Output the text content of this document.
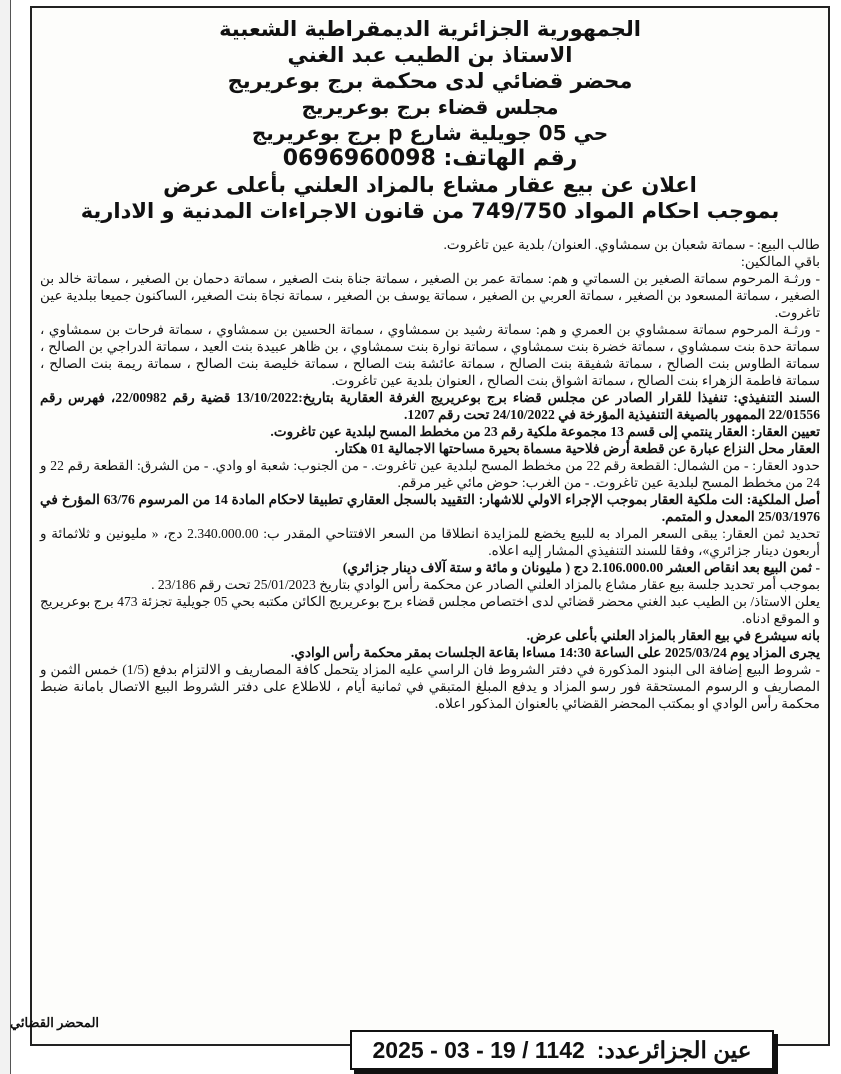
الجمهورية الجزائرية الديمقراطية الشعبية
الاستاذ بن الطيب عبد الغني
محضر قضائي لدى محكمة برج بوعريريج
مجلس قضاء برج بوعريريج
حي 05 جويلية شارع p برج بوعريريج
رقم الهاتف: 0696960098
اعلان عن بيع عقار مشاع بالمزاد العلني بأعلى عرض
بموجب احكام المواد 749/750 من قانون الاجراءات المدنية و الادارية

طالب البيع: - سماتة شعبان بن سمشاوي. العنوان/ بلدية عين تاغروت.

باقي المالكين:

- ورثـة المرحوم سماتة الصغير بن السماتي و هم: سماتة عمر بن الصغير ، سماتة جناة بنت الصغير ، سماتة دحمان بن الصغير ، سماتة خالد بن الصغير ، سماتة المسعود بن الصغير ، سماتة العربي بن الصغير ، سماتة يوسف بن الصغير ، سماتة نجاة بنت الصغير، الساكنون جميعا ببلدية عين تاغروت.

- ورثـة المرحوم سماتة سمشاوي بن العمري و هم: سماتة رشيد بن سمشاوي ، سماتة الحسين بن سمشاوي ، سماتة فرحات بن سمشاوي ، سماتة حدة بنت سمشاوي ، سماتة خضرة بنت سمشاوي ، سماتة نوارة بنت سمشاوي ، بن ظاهر عبيدة بنت العيد ، سماتة الدراجي بن الصالح ، سماتة الطاوس بنت الصالح ، سماتة شفيقة بنت الصالح ، سماتة عائشة بنت الصالح ، سماتة خليصة بنت الصالح ، سماتة ريمة بنت الصالح ، سماتة فاطمة الزهراء بنت الصالح ، سماتة اشواق بنت الصالح ، العنوان بلدية عين تاغروت.

السند التنفيذي: تنفيذا للقرار الصادر عن مجلس قضاء برج بوعريريج الغرفة العقارية بتاريخ:13/10/2022 قضية رقم 22/00982، فهرس رقم 22/01556 الممهور بالصيغة التنفيذية المؤرخة في 24/10/2022 تحت رقم 1207.

تعيين العقار: العقار ينتمي إلى قسم 13 مجموعة ملكية رقم 23 من مخطط المسح لبلدية عين تاغروت.

العقار محل النزاع عبارة عن قطعة أرض فلاحية مسماة بحيرة مساحتها الاجمالية 01 هكتار.

حدود العقار: - من الشمال: القطعة رقم 22 من مخطط المسح لبلدية عين تاغروت. - من الجنوب: شعبة او وادي. - من الشرق: القطعة رقم 22 و 24 من مخطط المسح لبلدية عين تاغروت. - من الغرب: حوض مائي غير مرقم.

أصل الملكية: الت ملكية العقار بموجب الإجراء الاولي للاشهار: التقييد بالسجل العقاري تطبيقا لاحكام المادة 14 من المرسوم 63/76 المؤرخ في 25/03/1976 المعدل و المتمم.

تحديد ثمن العقار: يبقى السعر المراد به للبيع يخضع للمزايدة انطلاقا من السعر الافتتاحي المقدر ب: 2.340.000.00 دج، « مليونين و ثلاثمائة و أربعون دينار جزائري»، وفقا للسند التنفيذي المشار إليه اعلاه.

- ثمن البيع بعد انقاص العشر 2.106.000.00 دج ( مليونان و مائة و ستة آلاف دينار جزائري)

بموجب أمر تحديد جلسة بيع عقار مشاع بالمزاد العلني الصادر عن محكمة رأس الوادي بتاريخ 25/01/2023 تحت رقم 23/186 .

يعلن الاستاذ/ بن الطيب عبد الغني محضر قضائي لدى اختصاص مجلس قضاء برج بوعريريج الكائن مكتبه بحي 05 جويلية تجزئة 473 برج بوعريريج و الموقع ادناه.

بانه سيشرع في بيع العقار بالمزاد العلني بأعلى عرض.

يجرى المزاد يوم 2025/03/24 على الساعة 14:30 مساءا بقاعة الجلسات بمقر محكمة رأس الوادي.

- شروط البيع إضافة الى البنود المذكورة في دفتر الشروط فان الراسي عليه المزاد يتحمل كافة المصاريف و الالتزام بدفع (1/5) خمس الثمن و المصاريف و الرسوم المستحقة فور رسو المزاد و يدفع المبلغ المتبقي في ثمانية أيام ، للاطلاع على دفتر الشروط البيع الاتصال بامانة ضبط محكمة رأس الوادي او بمكتب المحضر القضائي بالعنوان المذكور اعلاه.

المحضر القضائي
عين الجزائرعدد:
2025 - 03 - 19 / 1142
